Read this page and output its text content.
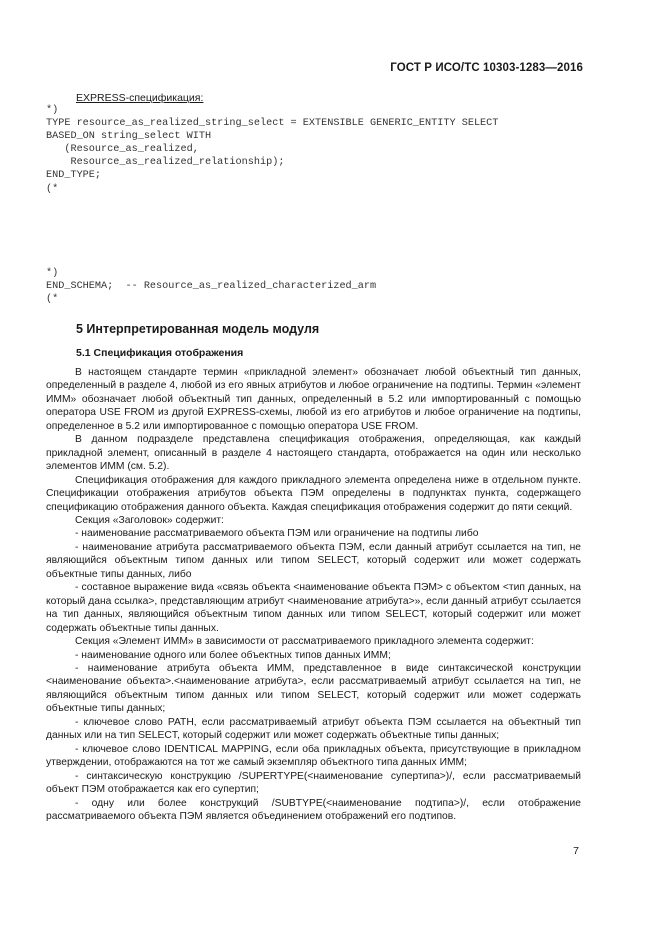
ГОСТ Р ИСО/ТС 10303-1283—2016
EXPRESS-спецификация:
*)
TYPE resource_as_realized_string_select = EXTENSIBLE GENERIC_ENTITY SELECT
BASED_ON string_select WITH
(Resource_as_realized,
Resource_as_realized_relationship);
END_TYPE;
(*
*)
END_SCHEMA;  -- Resource_as_realized_characterized_arm
(*
5 Интерпретированная модель модуля
5.1 Спецификация отображения

В настоящем стандарте термин «прикладной элемент» обозначает любой объектный тип данных, определенный в разделе 4, любой из его явных атрибутов и любое ограничение на подтипы. Термин «элемент ИММ» обозначает любой объектный тип данных, определенный в 5.2 или импортированный с помощью оператора USE FROM из другой EXPRESS-схемы, любой из его атрибутов и любое ограничение на подтипы, определенное в 5.2 или импортированное с помощью оператора USE FROM.

В данном подразделе представлена спецификация отображения, определяющая, как каждый прикладной элемент, описанный в разделе 4 настоящего стандарта, отображается на один или несколько элементов ИММ (см. 5.2).

Спецификация отображения для каждого прикладного элемента определена ниже в отдельном пункте. Спецификации отображения атрибутов объекта ПЭМ определены в подпунктах пункта, содержащего спецификацию отображения данного объекта. Каждая спецификация отображения содержит до пяти секций.

Секция «Заголовок» содержит:

- наименование рассматриваемого объекта ПЭМ или ограничение на подтипы либо

- наименование атрибута рассматриваемого объекта ПЭМ, если данный атрибут ссылается на тип, не являющийся объектным типом данных или типом SELECT, который содержит или может содержать объектные типы данных, либо

- составное выражение вида «связь объекта <наименование объекта ПЭМ> с объектом <тип данных, на который дана ссылка>, представляющим атрибут <наименование атрибута>», если данный атрибут ссылается на тип данных, являющийся объектным типом данных или типом SELECT, который содержит или может содержать объектные типы данных.

Секция «Элемент ИММ» в зависимости от рассматриваемого прикладного элемента содержит:

- наименование одного или более объектных типов данных ИММ;

- наименование атрибута объекта ИММ, представленное в виде синтаксической конструкции <наименование объекта>.<наименование атрибута>, если рассматриваемый атрибут ссылается на тип, не являющийся объектным типом данных или типом SELECT, который содержит или может содержать объектные типы данных;

- ключевое слово PATH, если рассматриваемый атрибут объекта ПЭМ ссылается на объектный тип данных или на тип SELECT, который содержит или может содержать объектные типы данных;

- ключевое слово IDENTICAL MAPPING, если оба прикладных объекта, присутствующие в прикладном утверждении, отображаются на тот же самый экземпляр объектного типа данных ИММ;

- синтаксическую конструкцию /SUPERTYPE(<наименование супертипа>)/, если рассматриваемый объект ПЭМ отображается как его супертип;

- одну или более конструкций /SUBTYPE(<наименование подтипа>)/, если отображение рассматриваемого объекта ПЭМ является объединением отображений его подтипов.

7
